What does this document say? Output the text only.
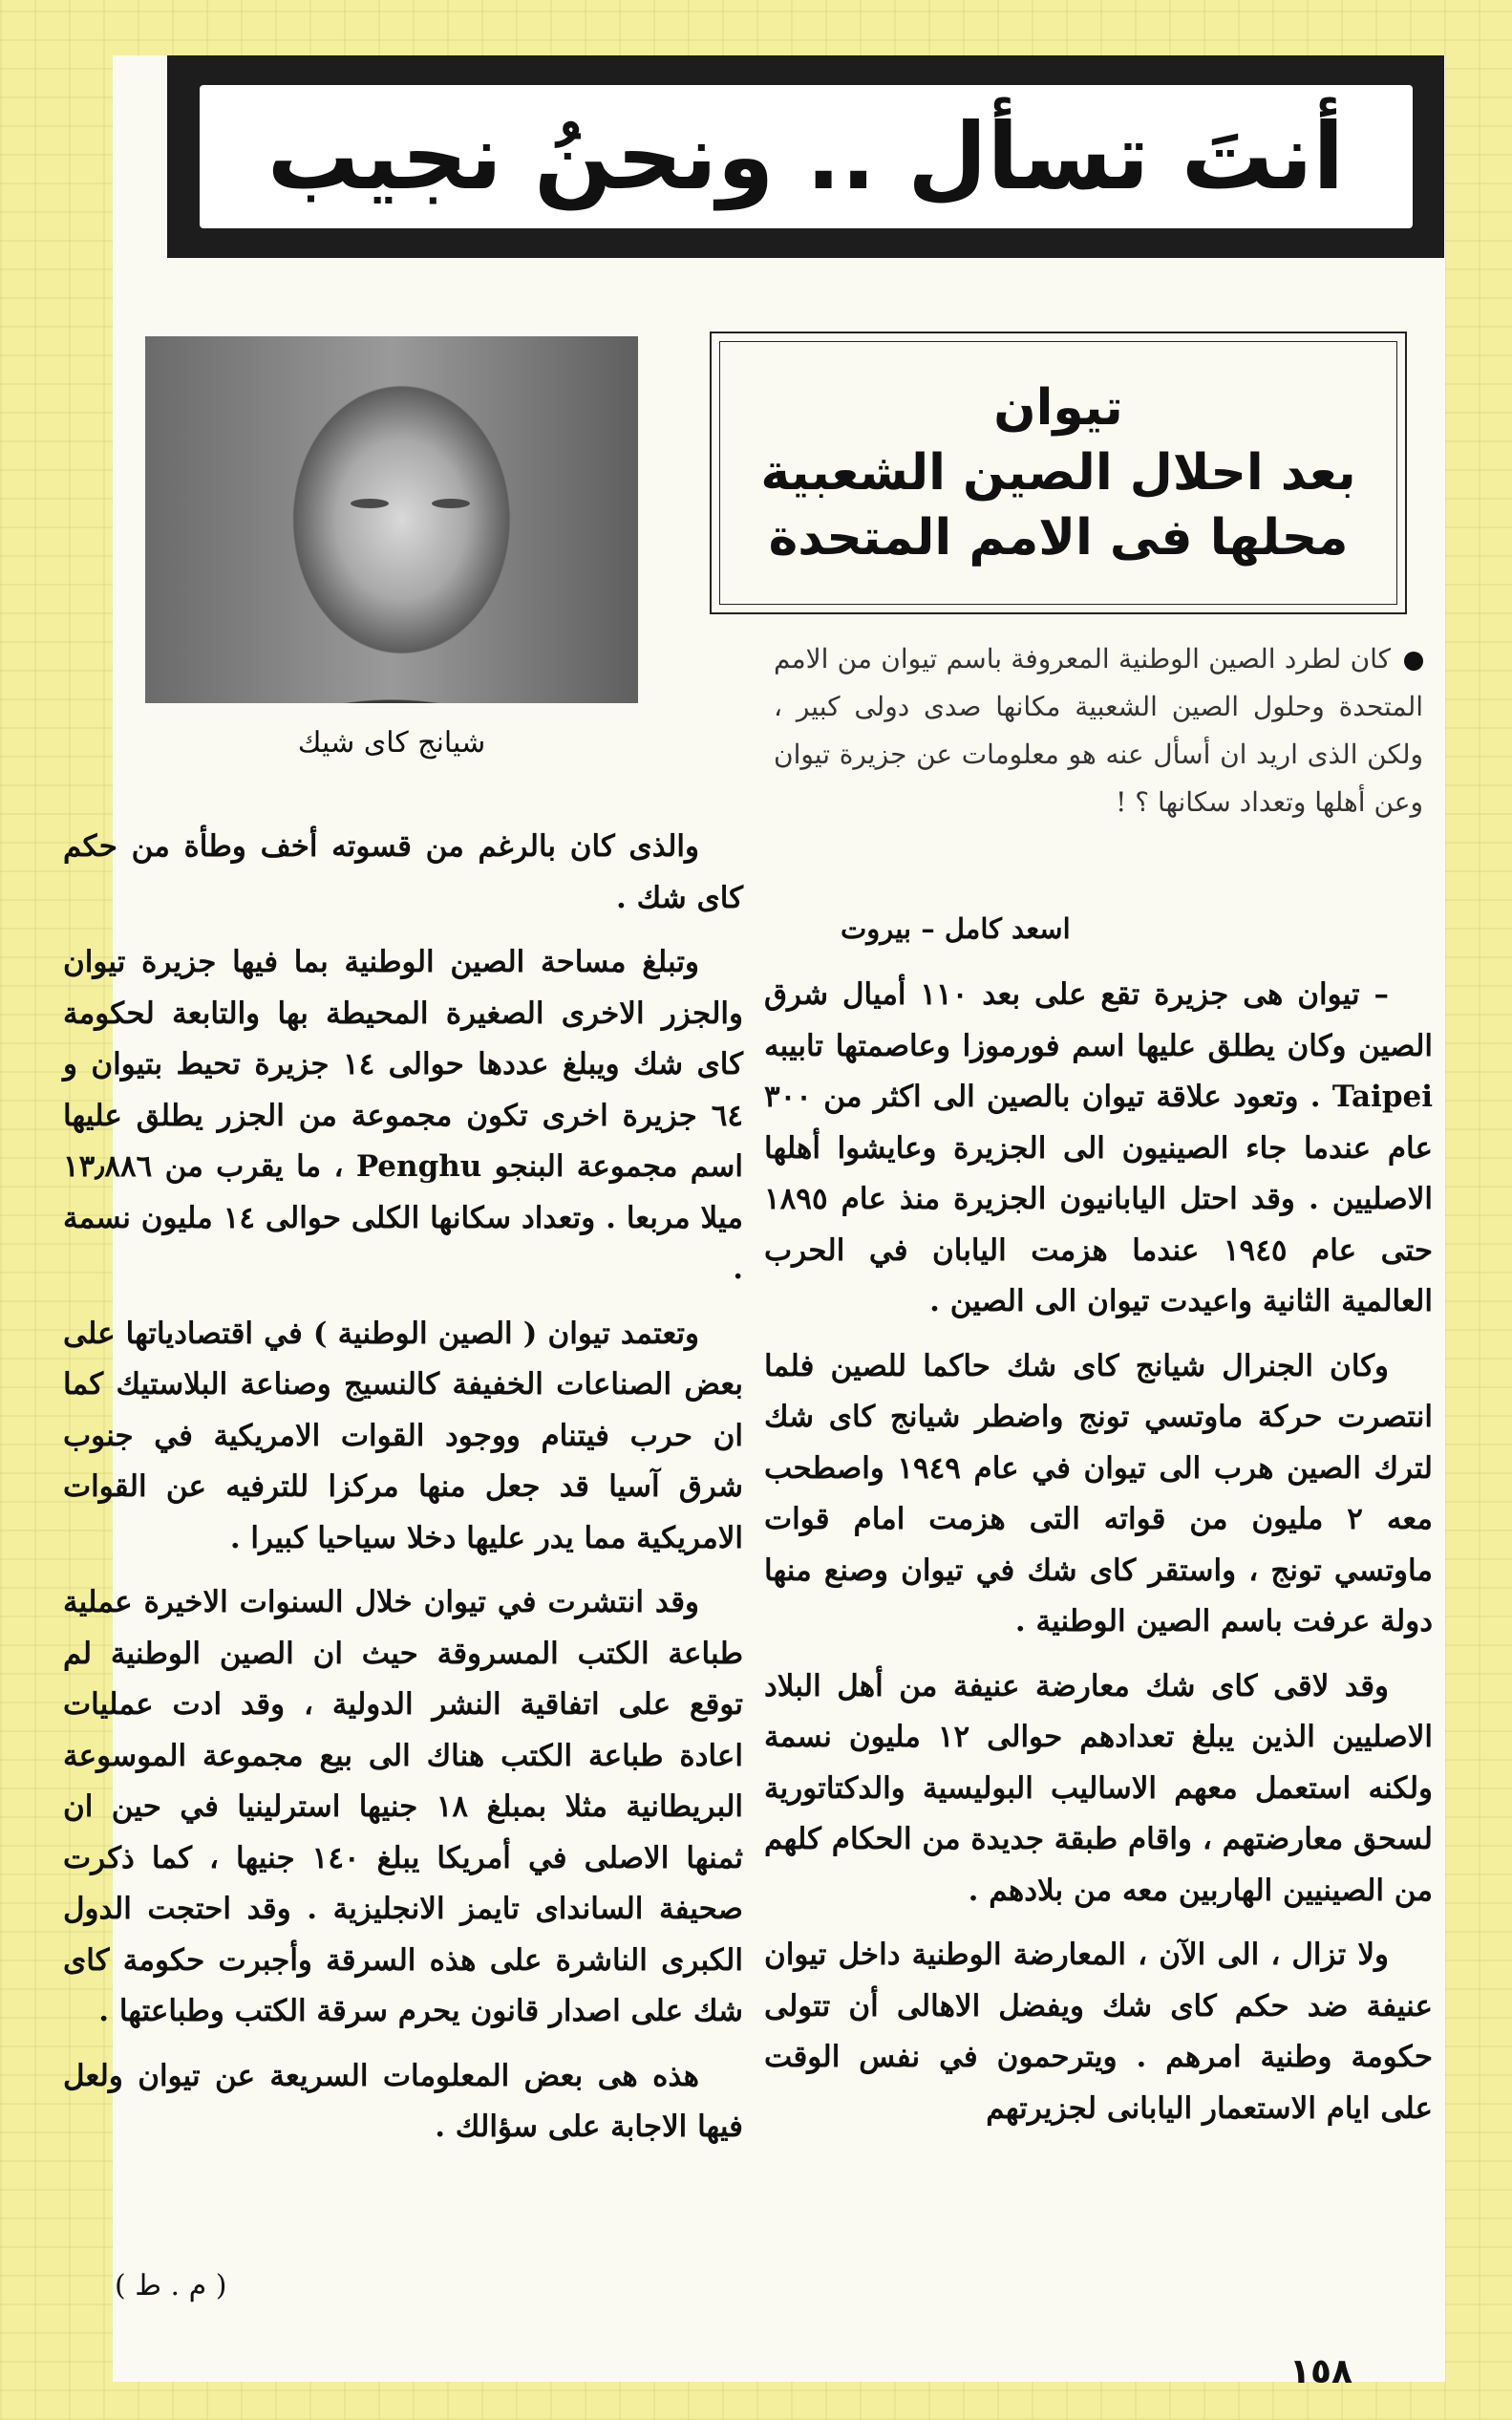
أنتَ تسأل .. ونحنُ نجيب
تيوان
بعد احلال الصين الشعبية
محلها فى الامم المتحدة
شيانج كاى شيك
كان لطرد الصين الوطنية المعروفة باسم تيوان من الامم المتحدة وحلول الصين الشعبية مكانها صدى دولى كبير ، ولكن الذى اريد ان أسأل عنه هو معلومات عن جزيرة تيوان وعن أهلها وتعداد سكانها ؟ !
اسعد كامل – بيروت

– تيوان هى جزيرة تقع على بعد ١١٠ أميال شرق الصين وكان يطلق عليها اسم فورموزا وعاصمتها تابيبه Taipei . وتعود علاقة تيوان بالصين الى اكثر من ٣٠٠ عام عندما جاء الصينيون الى الجزيرة وعايشوا أهلها الاصليين . وقد احتل اليابانيون الجزيرة منذ عام ١٨٩٥ حتى عام ١٩٤٥ عندما هزمت اليابان في الحرب العالمية الثانية واعيدت تيوان الى الصين .

وكان الجنرال شيانج كاى شك حاكما للصين فلما انتصرت حركة ماوتسي تونج واضطر شيانج كاى شك لترك الصين هرب الى تيوان في عام ١٩٤٩ واصطحب معه ٢ مليون من قواته التى هزمت امام قوات ماوتسي تونج ، واستقر كاى شك في تيوان وصنع منها دولة عرفت باسم الصين الوطنية .

وقد لاقى كاى شك معارضة عنيفة من أهل البلاد الاصليين الذين يبلغ تعدادهم حوالى ١٢ مليون نسمة ولكنه استعمل معهم الاساليب البوليسية والدكتاتورية لسحق معارضتهم ، واقام طبقة جديدة من الحكام كلهم من الصينيين الهاربين معه من بلادهم .

ولا تزال ، الى الآن ، المعارضة الوطنية داخل تيوان عنيفة ضد حكم كاى شك ويفضل الاهالى أن تتولى حكومة وطنية امرهم . ويترحمون في نفس الوقت على ايام الاستعمار اليابانى لجزيرتهم

والذى كان بالرغم من قسوته أخف وطأة من حكم كاى شك .

وتبلغ مساحة الصين الوطنية بما فيها جزيرة تيوان والجزر الاخرى الصغيرة المحيطة بها والتابعة لحكومة كاى شك ويبلغ عددها حوالى ١٤ جزيرة تحيط بتيوان و ٦٤ جزيرة اخرى تكون مجموعة من الجزر يطلق عليها اسم مجموعة البنجو Penghu ، ما يقرب من ١٣٫٨٨٦ ميلا مربعا . وتعداد سكانها الكلى حوالى ١٤ مليون نسمة .

وتعتمد تيوان ( الصين الوطنية ) في اقتصادياتها على بعض الصناعات الخفيفة كالنسيج وصناعة البلاستيك كما ان حرب فيتنام ووجود القوات الامريكية في جنوب شرق آسيا قد جعل منها مركزا للترفيه عن القوات الامريكية مما يدر عليها دخلا سياحيا كبيرا .

وقد انتشرت في تيوان خلال السنوات الاخيرة عملية طباعة الكتب المسروقة حيث ان الصين الوطنية لم توقع على اتفاقية النشر الدولية ، وقد ادت عمليات اعادة طباعة الكتب هناك الى بيع مجموعة الموسوعة البريطانية مثلا بمبلغ ١٨ جنيها استرلينيا في حين ان ثمنها الاصلى في أمريكا يبلغ ١٤٠ جنيها ، كما ذكرت صحيفة الساندای تايمز الانجليزية . وقد احتجت الدول الكبرى الناشرة على هذه السرقة وأجبرت حكومة كاى شك على اصدار قانون يحرم سرقة الكتب وطباعتها .

هذه هى بعض المعلومات السريعة عن تيوان ولعل فيها الاجابة على سؤالك .

( م . ط )
١٥٨
